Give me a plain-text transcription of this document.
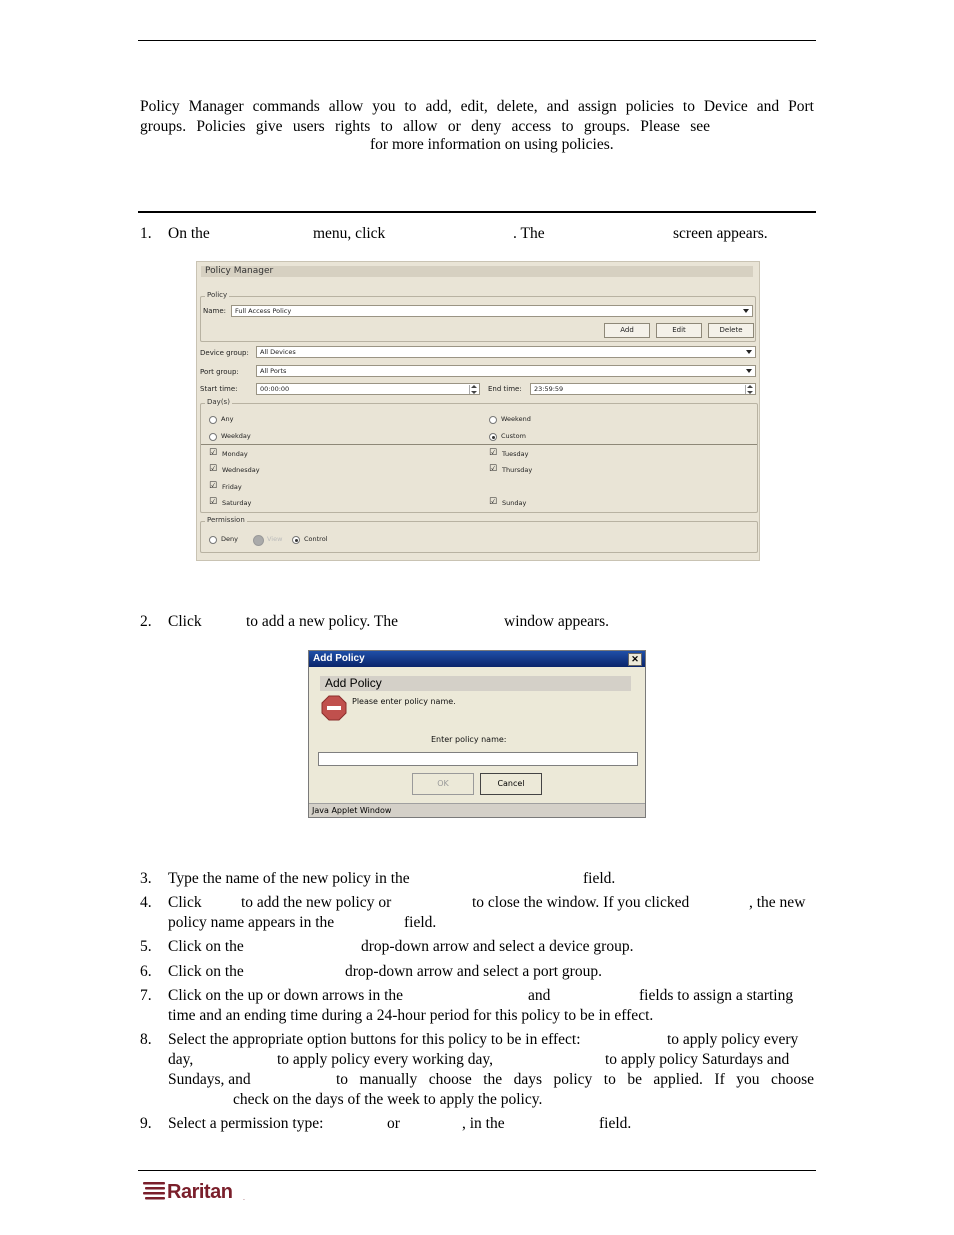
Policy Manager commands allow you to add, edit, delete, and assign policies to Device and Port
groups. Policies give users rights to allow or deny access to groups. Please see
for more information on using policies.
1.	On the	menu, click	. The	screen appears.
Policy Manager
Policy
Name:	Full Access Policy
Add	Edit	Delete
Device group:	All Devices
Port group:	All Ports
Start time:	00:00:00	End time:	23:59:59
Day(s)
Any	Weekend
Weekday	Custom
☑ Monday	☑ Tuesday
☑ Wednesday	☑ Thursday
☑ Friday
☑ Saturday	☑ Sunday
Permission
Deny	View	Control
2.	Click	to add a new policy. The	window appears.
Add Policy	✕
Add Policy
Please enter policy name.
Enter policy name:
OK	Cancel
Java Applet Window
3.	Type the name of the new policy in the	field.
4.	Click	to add the new policy or	to close the window. If you clicked	, the new
policy name appears in the	field.
5.	Click on the	drop-down arrow and select a device group.
6.	Click on the	drop-down arrow and select a port group.
7.	Click on the up or down arrows in the	and	fields to assign a starting
time and an ending time during a 24-hour period for this policy to be in effect.
8.	Select the appropriate option buttons for this policy to be in effect:	to apply policy every
day,	to apply policy every working day,	to apply policy Saturdays and
Sundays, and	to manually choose the days policy to be applied. If you choose
check on the days of the week to apply the policy.
9.	Select a permission type:	or	, in the	field.
Raritan .
